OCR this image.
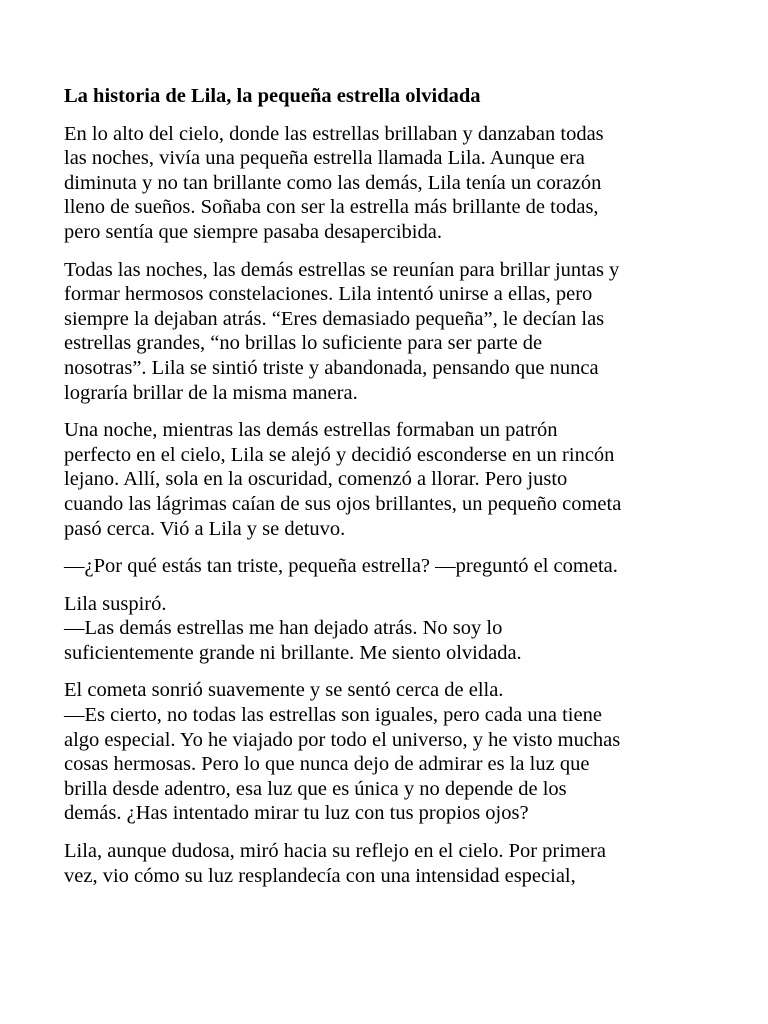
La historia de Lila, la pequeña estrella olvidada
En lo alto del cielo, donde las estrellas brillaban y danzaban todas
las noches, vivía una pequeña estrella llamada Lila. Aunque era
diminuta y no tan brillante como las demás, Lila tenía un corazón
lleno de sueños. Soñaba con ser la estrella más brillante de todas,
pero sentía que siempre pasaba desapercibida.
Todas las noches, las demás estrellas se reunían para brillar juntas y
formar hermosos constelaciones. Lila intentó unirse a ellas, pero
siempre la dejaban atrás. “Eres demasiado pequeña”, le decían las
estrellas grandes, “no brillas lo suficiente para ser parte de
nosotras”. Lila se sintió triste y abandonada, pensando que nunca
lograría brillar de la misma manera.
Una noche, mientras las demás estrellas formaban un patrón
perfecto en el cielo, Lila se alejó y decidió esconderse en un rincón
lejano. Allí, sola en la oscuridad, comenzó a llorar. Pero justo
cuando las lágrimas caían de sus ojos brillantes, un pequeño cometa
pasó cerca. Vió a Lila y se detuvo.
—¿Por qué estás tan triste, pequeña estrella? —preguntó el cometa.
Lila suspiró.
—Las demás estrellas me han dejado atrás. No soy lo
suficientemente grande ni brillante. Me siento olvidada.
El cometa sonrió suavemente y se sentó cerca de ella.
—Es cierto, no todas las estrellas son iguales, pero cada una tiene
algo especial. Yo he viajado por todo el universo, y he visto muchas
cosas hermosas. Pero lo que nunca dejo de admirar es la luz que
brilla desde adentro, esa luz que es única y no depende de los
demás. ¿Has intentado mirar tu luz con tus propios ojos?
Lila, aunque dudosa, miró hacia su reflejo en el cielo. Por primera
vez, vio cómo su luz resplandecía con una intensidad especial,
